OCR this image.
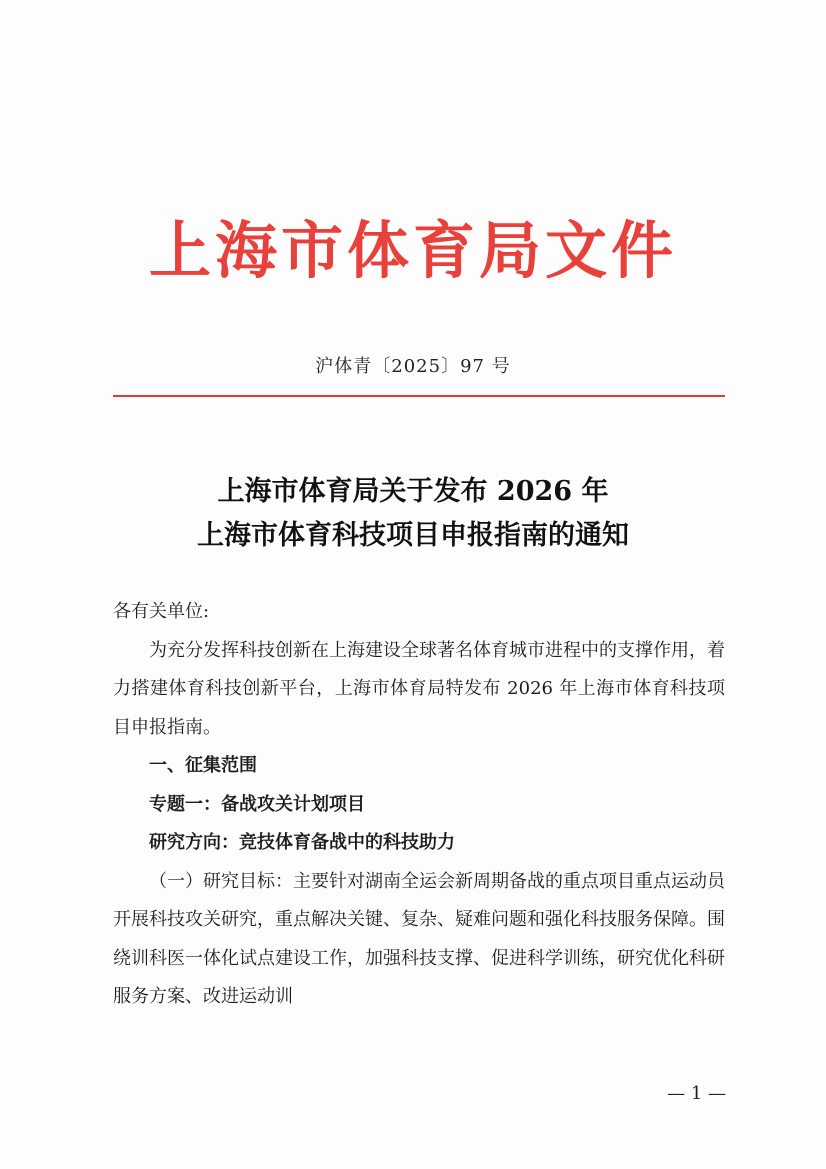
上海市体育局文件
沪体青〔2025〕97 号
上海市体育局关于发布 2026 年
上海市体育科技项目申报指南的通知

各有关单位:

为充分发挥科技创新在上海建设全球著名体育城市进程中的支撑作用，着力搭建体育科技创新平台，上海市体育局特发布 2026 年上海市体育科技项目申报指南。

一、征集范围

专题一：备战攻关计划项目

研究方向：竞技体育备战中的科技助力

（一）研究目标：主要针对湖南全运会新周期备战的重点项目重点运动员开展科技攻关研究，重点解决关键、复杂、疑难问题和强化科技服务保障。围绕训科医一体化试点建设工作，加强科技支撑、促进科学训练，研究优化科研服务方案、改进运动训

— 1 —
